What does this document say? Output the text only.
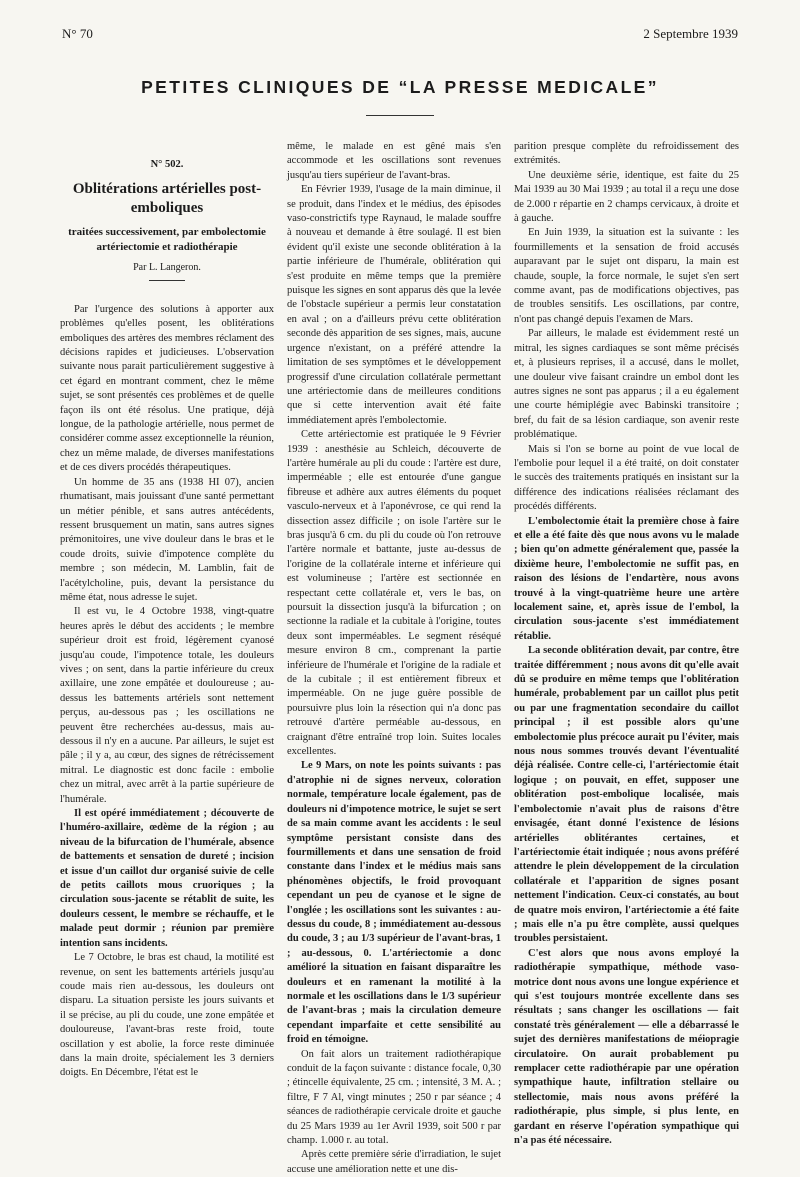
N° 70	2 Septembre 1939
PETITES CLINIQUES DE “LA PRESSE MEDICALE”

N° 502.

Oblitérations artérielles post-emboliques
traitées successivement, par embolectomie artériectomie et radiothérapie
Par L. Langeron.

Par l'urgence des solutions à apporter aux problèmes qu'elles posent, les oblitérations emboliques des artères des membres réclament des décisions rapides et judicieuses. L'observation suivante nous parait particulièrement suggestive à cet égard en montrant comment, chez le même sujet, se sont présentés ces problèmes et de quelle façon ils ont été résolus. Une pratique, déjà longue, de la pathologie artérielle, nous permet de considérer comme assez exceptionnelle la réunion, chez un même malade, de diverses manifestations et de ces divers procédés thérapeutiques.

Un homme de 35 ans (1938 HI 07), ancien rhumatisant, mais jouissant d'une santé permettant un métier pénible, et sans autres antécédents, ressent brusquement un matin, sans autres signes prémonitoires, une vive douleur dans le bras et le coude droits, suivie d'impotence complète du membre ; son médecin, M. Lamblin, fait de l'acétylcholine, puis, devant la persistance du même état, nous adresse le sujet.

Il est vu, le 4 Octobre 1938, vingt-quatre heures après le début des accidents ; le membre supérieur droit est froid, légèrement cyanosé jusqu'au coude, l'impotence totale, les douleurs vives ; on sent, dans la partie inférieure du creux axillaire, une zone empâtée et douloureuse ; au-dessus les battements artériels sont nettement perçus, au-dessous pas ; les oscillations ne peuvent être recherchées au-dessus, mais au-dessous il n'y en a aucune. Par ailleurs, le sujet est pâle ; il y a, au cœur, des signes de rétrécissement mitral. Le diagnostic est donc facile : embolie chez un mitral, avec arrêt à la partie supérieure de l'humérale.

Il est opéré immédiatement ; découverte de l'huméro-axillaire, œdème de la région ; au niveau de la bifurcation de l'humérale, absence de battements et sensation de dureté ; incision et issue d'un caillot dur organisé suivie de celle de petits caillots mous cruoriques ; la circulation sous-jacente se rétablit de suite, les douleurs cessent, le membre se réchauffe, et le malade peut dormir ; réunion par première intention sans incidents.

Le 7 Octobre, le bras est chaud, la motilité est revenue, on sent les battements artériels jusqu'au coude mais rien au-dessous, les douleurs ont disparu. La situation persiste les jours suivants et il se précise, au pli du coude, une zone empâtée et douloureuse, l'avant-bras reste froid, toute oscillation y est abolie, la force reste diminuée dans la main droite, spécialement les 3 derniers doigts. En Décembre, l'état est le

même, le malade en est gêné mais s'en accommode et les oscillations sont revenues jusqu'au tiers supérieur de l'avant-bras.

En Février 1939, l'usage de la main diminue, il se produit, dans l'index et le médius, des épisodes vaso-constrictifs type Raynaud, le malade souffre à nouveau et demande à être soulagé. Il est bien évident qu'il existe une seconde oblitération à la partie inférieure de l'humérale, oblitération qui s'est produite en même temps que la première puisque les signes en sont apparus dès que la levée de l'obstacle supérieur a permis leur constatation en aval ; on a d'ailleurs prévu cette oblitération seconde dès apparition de ses signes, mais, aucune urgence n'existant, on a préféré attendre la limitation de ses symptômes et le développement progressif d'une circulation collatérale permettant une artériectomie dans de meilleures conditions que si cette intervention avait été faite immédiatement après l'embolectomie.

Cette artériectomie est pratiquée le 9 Février 1939 : anesthésie au Schleich, découverte de l'artère humérale au pli du coude : l'artère est dure, imperméable ; elle est entourée d'une gangue fibreuse et adhère aux autres éléments du poquet vasculo-nerveux et à l'aponévrose, ce qui rend la dissection assez difficile ; on isole l'artère sur le bras jusqu'à 6 cm. du pli du coude où l'on retrouve l'artère normale et battante, juste au-dessus de l'origine de la collatérale interne et inférieure qui est volumineuse ; l'artère est sectionnée en respectant cette collatérale et, vers le bas, on poursuit la dissection jusqu'à la bifurcation ; on sectionne la radiale et la cubitale à l'origine, toutes deux sont imperméables. Le segment réséqué mesure environ 8 cm., comprenant la partie inférieure de l'humérale et l'origine de la radiale et de la cubitale ; il est entièrement fibreux et imperméable. On ne juge guère possible de poursuivre plus loin la résection qui n'a donc pas retrouvé d'artère perméable au-dessous, en craignant d'être entraîné trop loin. Suites locales excellentes.

Le 9 Mars, on note les points suivants : pas d'atrophie ni de signes nerveux, coloration normale, température locale également, pas de douleurs ni d'impotence motrice, le sujet se sert de sa main comme avant les accidents : le seul symptôme persistant consiste dans des fourmillements et dans une sensation de froid constante dans l'index et le médius mais sans phénomènes objectifs, le froid provoquant cependant un peu de cyanose et le signe de l'onglée ; les oscillations sont les suivantes : au-dessus du coude, 8 ; immédiatement au-dessous du coude, 3 ; au 1/3 supérieur de l'avant-bras, 1 ; au-dessous, 0. L'artériectomie a donc amélioré la situation en faisant disparaître les douleurs et en ramenant la motilité à la normale et les oscillations dans le 1/3 supérieur de l'avant-bras ; mais la circulation demeure cependant imparfaite et cette sensibilité au froid en témoigne.

On fait alors un traitement radiothérapique conduit de la façon suivante : distance focale, 0,30 ; étincelle équivalente, 25 cm. ; intensité, 3 M. A. ; filtre, F 7 Al, vingt minutes ; 250 r par séance ; 4 séances de radiothérapie cervicale droite et gauche du 25 Mars 1939 au 1er Avril 1939, soit 500 r par champ. 1.000 r. au total.

Après cette première série d'irradiation, le sujet accuse une amélioration nette et une dis-

parition presque complète du refroidissement des extrémités.

Une deuxième série, identique, est faite du 25 Mai 1939 au 30 Mai 1939 ; au total il a reçu une dose de 2.000 r répartie en 2 champs cervicaux, à droite et à gauche.

En Juin 1939, la situation est la suivante : les fourmillements et la sensation de froid accusés auparavant par le sujet ont disparu, la main est chaude, souple, la force normale, le sujet s'en sert comme avant, pas de modifications objectives, pas de troubles sensitifs. Les oscillations, par contre, n'ont pas changé depuis l'examen de Mars.

Par ailleurs, le malade est évidemment resté un mitral, les signes cardiaques se sont même précisés et, à plusieurs reprises, il a accusé, dans le mollet, une douleur vive faisant craindre un embol dont les autres signes ne sont pas apparus ; il a eu également une courte hémiplégie avec Babinski transitoire ; bref, du fait de sa lésion cardiaque, son avenir reste problématique.

Mais si l'on se borne au point de vue local de l'embolie pour lequel il a été traité, on doit constater le succès des traitements pratiqués en insistant sur la différence des indications réalisées réclamant des procédés différents.

L'embolectomie était la première chose à faire et elle a été faite dès que nous avons vu le malade ; bien qu'on admette généralement que, passée la dixième heure, l'embolectomie ne suffit pas, en raison des lésions de l'endartère, nous avons trouvé à la vingt-quatrième heure une artère localement saine, et, après issue de l'embol, la circulation sous-jacente s'est immédiatement rétablie.

La seconde oblitération devait, par contre, être traitée différemment ; nous avons dit qu'elle avait dû se produire en même temps que l'oblitération humérale, probablement par un caillot plus petit ou par une fragmentation secondaire du caillot principal ; il est possible alors qu'une embolectomie plus précoce aurait pu l'éviter, mais nous nous sommes trouvés devant l'éventualité déjà réalisée. Contre celle-ci, l'artériectomie était logique ; on pouvait, en effet, supposer une oblitération post-embolique localisée, mais l'embolectomie n'avait plus de raisons d'être envisagée, étant donné l'existence de lésions artérielles oblitérantes certaines, et l'artériectomie était indiquée ; nous avons préféré attendre le plein développement de la circulation collatérale et l'apparition de signes posant nettement l'indication. Ceux-ci constatés, au bout de quatre mois environ, l'artériectomie a été faite ; mais elle n'a pu être complète, aussi quelques troubles persistaient.

C'est alors que nous avons employé la radiothérapie sympathique, méthode vaso-motrice dont nous avons une longue expérience et qui s'est toujours montrée excellente dans ses résultats ; sans changer les oscillations — fait constaté très généralement — elle a débarrassé le sujet des dernières manifestations de méiopragie circulatoire. On aurait probablement pu remplacer cette radiothérapie par une opération sympathique haute, infiltration stellaire ou stellectomie, mais nous avons préféré la radiothérapie, plus simple, si plus lente, en gardant en réserve l'opération sympathique qui n'a pas été nécessaire.
